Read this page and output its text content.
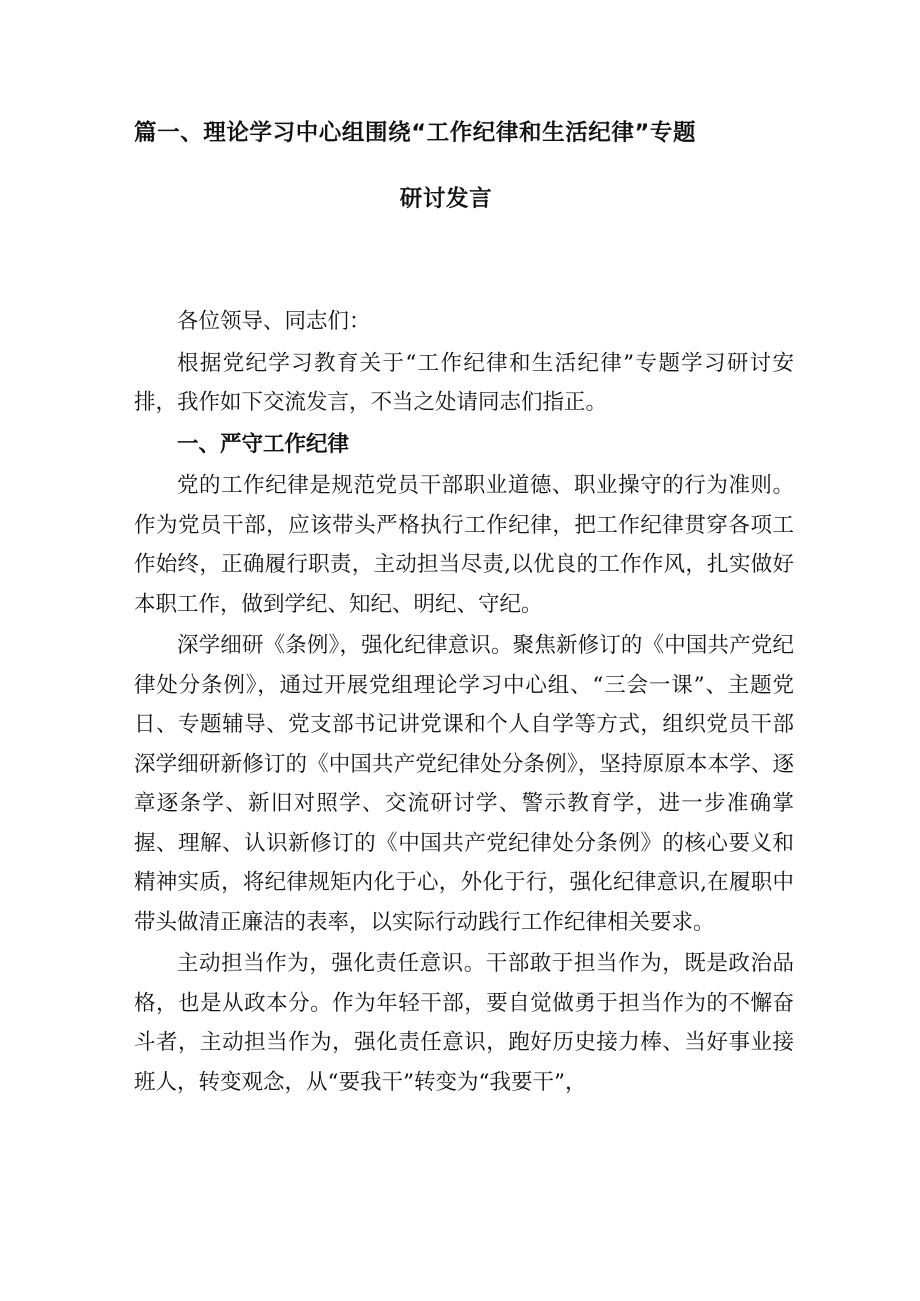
篇一、理论学习中心组围绕“工作纪律和生活纪律”专题
研讨发言

各位领导、同志们：

根据党纪学习教育关于“工作纪律和生活纪律”专题学习研讨安排，我作如下交流发言，不当之处请同志们指正。

一、严守工作纪律

党的工作纪律是规范党员干部职业道德、职业操守的行为准则。作为党员干部，应该带头严格执行工作纪律，把工作纪律贯穿各项工作始终，正确履行职责，主动担当尽责,以优良的工作作风，扎实做好本职工作，做到学纪、知纪、明纪、守纪。

深学细研《条例》，强化纪律意识。聚焦新修订的《中国共产党纪律处分条例》，通过开展党组理论学习中心组、“三会一课”、主题党日、专题辅导、党支部书记讲党课和个人自学等方式，组织党员干部深学细研新修订的《中国共产党纪律处分条例》，坚持原原本本学、逐章逐条学、新旧对照学、交流研讨学、警示教育学，进一步准确掌握、理解、认识新修订的《中国共产党纪律处分条例》的核心要义和精神实质，将纪律规矩内化于心，外化于行，强化纪律意识,在履职中带头做清正廉洁的表率，以实际行动践行工作纪律相关要求。

主动担当作为，强化责任意识。干部敢于担当作为，既是政治品格，也是从政本分。作为年轻干部，要自觉做勇于担当作为的不懈奋斗者，主动担当作为，强化责任意识，跑好历史接力棒、当好事业接班人，转变观念，从“要我干”转变为“我要干”，
